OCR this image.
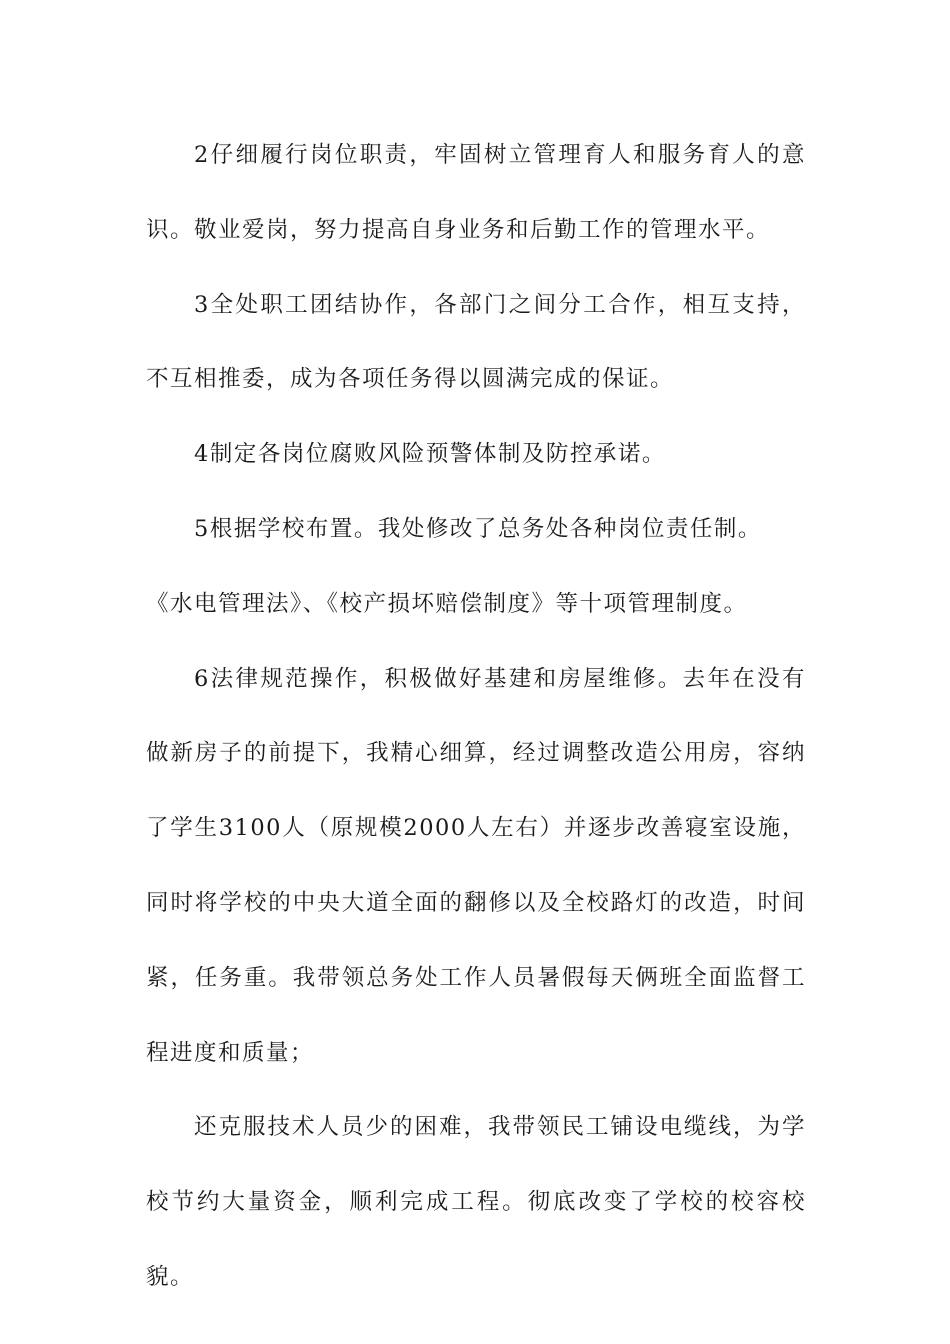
2仔细履行岗位职责，牢固树立管理育人和服务育人的意识。敬业爱岗，努力提高自身业务和后勤工作的管理水平。

3全处职工团结协作，各部门之间分工合作，相互支持，不互相推委，成为各项任务得以圆满完成的保证。

4制定各岗位腐败风险预警体制及防控承诺。

5根据学校布置。我处修改了总务处各种岗位责任制。

《水电管理法》、《校产损坏赔偿制度》等十项管理制度。

6法律规范操作，积极做好基建和房屋维修。去年在没有做新房子的前提下，我精心细算，经过调整改造公用房，容纳了学生3100人（原规模2000人左右）并逐步改善寝室设施，同时将学校的中央大道全面的翻修以及全校路灯的改造，时间紧，任务重。我带领总务处工作人员暑假每天俩班全面监督工程进度和质量；

还克服技术人员少的困难，我带领民工铺设电缆线，为学校节约大量资金，顺利完成工程。彻底改变了学校的校容校貌。
